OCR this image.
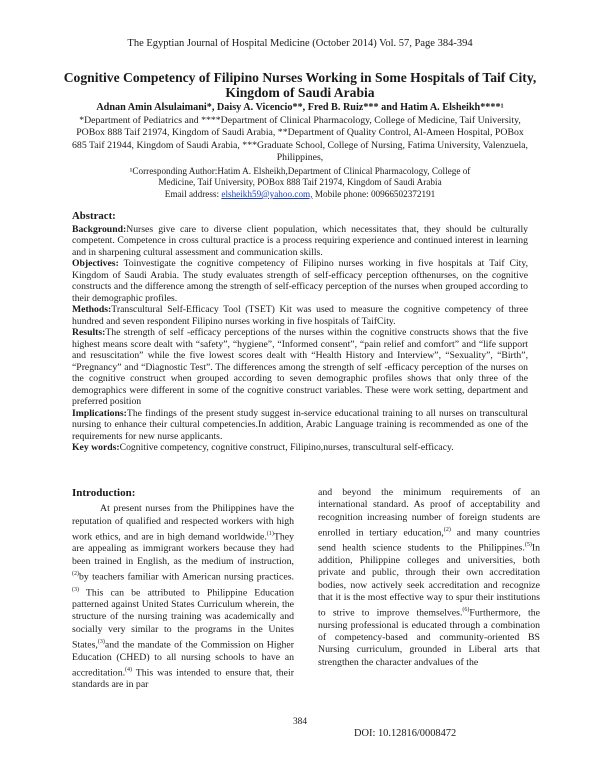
The Egyptian Journal of Hospital Medicine (October 2014) Vol. 57, Page 384-394
Cognitive Competency of Filipino Nurses Working in Some Hospitals of Taif City, Kingdom of Saudi Arabia
Adnan Amin Alsulaimani*, Daisy A. Vicencio**, Fred B. Ruiz*** and Hatim A. Elsheikh****¹
*Department of Pediatrics and ****Department of Clinical Pharmacology, College of Medicine, Taif University, POBox 888 Taif 21974, Kingdom of Saudi Arabia, **Department of Quality Control, Al-Ameen Hospital, POBox 685 Taif 21944, Kingdom of Saudi Arabia, ***Graduate School, College of Nursing, Fatima University, Valenzuela, Philippines,
¹Corresponding Author:Hatim A. Elsheikh,Department of Clinical Pharmacology, College of Medicine, Taif University, POBox 888 Taif 21974, Kingdom of Saudi Arabia
Email address: elsheikh59@yahoo.com, Mobile phone: 00966502372191
Abstract:

Background:Nurses give care to diverse client population, which necessitates that, they should be culturally competent. Competence in cross cultural practice is a process requiring experience and continued interest in learning and in sharpening cultural assessment and communication skills.

Objectives: Toinvestigate the cognitive competency of Filipino nurses working in five hospitals at Taif City, Kingdom of Saudi Arabia. The study evaluates strength of self-efficacy perception ofthenurses, on the cognitive constructs and the difference among the strength of self-efficacy perception of the nurses when grouped according to their demographic profiles.

Methods:Transcultural Self-Efficacy Tool (TSET) Kit was used to measure the cognitive competency of three hundred and seven respondent Filipino nurses working in five hospitals of TaifCity.

Results:The strength of self -efficacy perceptions of the nurses within the cognitive constructs shows that the five highest means score dealt with “safety”, “hygiene”, “Informed consent”, “pain relief and comfort” and “life support and resuscitation” while the five lowest scores dealt with “Health History and Interview”, “Sexuality”, “Birth”, “Pregnancy” and “Diagnostic Test”. The differences among the strength of self -efficacy perception of the nurses on the cognitive construct when grouped according to seven demographic profiles shows that only three of the demographics were different in some of the cognitive construct variables. These were work setting, department and preferred position

Implications:The findings of the present study suggest in-service educational training to all nurses on transcultural nursing to enhance their cultural competencies.In addition, Arabic Language training is recommended as one of the requirements for new nurse applicants.

Key words:Cognitive competency, cognitive construct, Filipino,nurses, transcultural self-efficacy.

Introduction:

At present nurses from the Philippines have the reputation of qualified and respected workers with high work ethics, and are in high demand worldwide.$^{(1)}$They are appealing as immigrant workers because they had been trained in English, as the medium of instruction,$^{(2)}$by teachers familiar with American nursing practices.$^{(3)}$ This can be attributed to Philippine Education patterned against United States Curriculum wherein, the structure of the nursing training was academically and socially very similar to the programs in the Unites States,$^{(3)}$and the mandate of the Commission on Higher Education (CHED) to all nursing schools to have an accreditation.$^{(4)}$ This was intended to ensure that, their standards are in par

and beyond the minimum requirements of an international standard. As proof of acceptability and recognition increasing number of foreign students are enrolled in tertiary education,$^{(2)}$ and many countries send health science students to the Philippines.$^{(5)}$In addition, Philippine colleges and universities, both private and public, through their own accreditation bodies, now actively seek accreditation and recognize that it is the most effective way to spur their institutions to strive to improve themselves.$^{(6)}$Furthermore, the nursing professional is educated through a combination of competency-based and community-oriented BS Nursing curriculum, grounded in Liberal arts that strengthen the character andvalues of the

384
DOI: 10.12816/0008472
